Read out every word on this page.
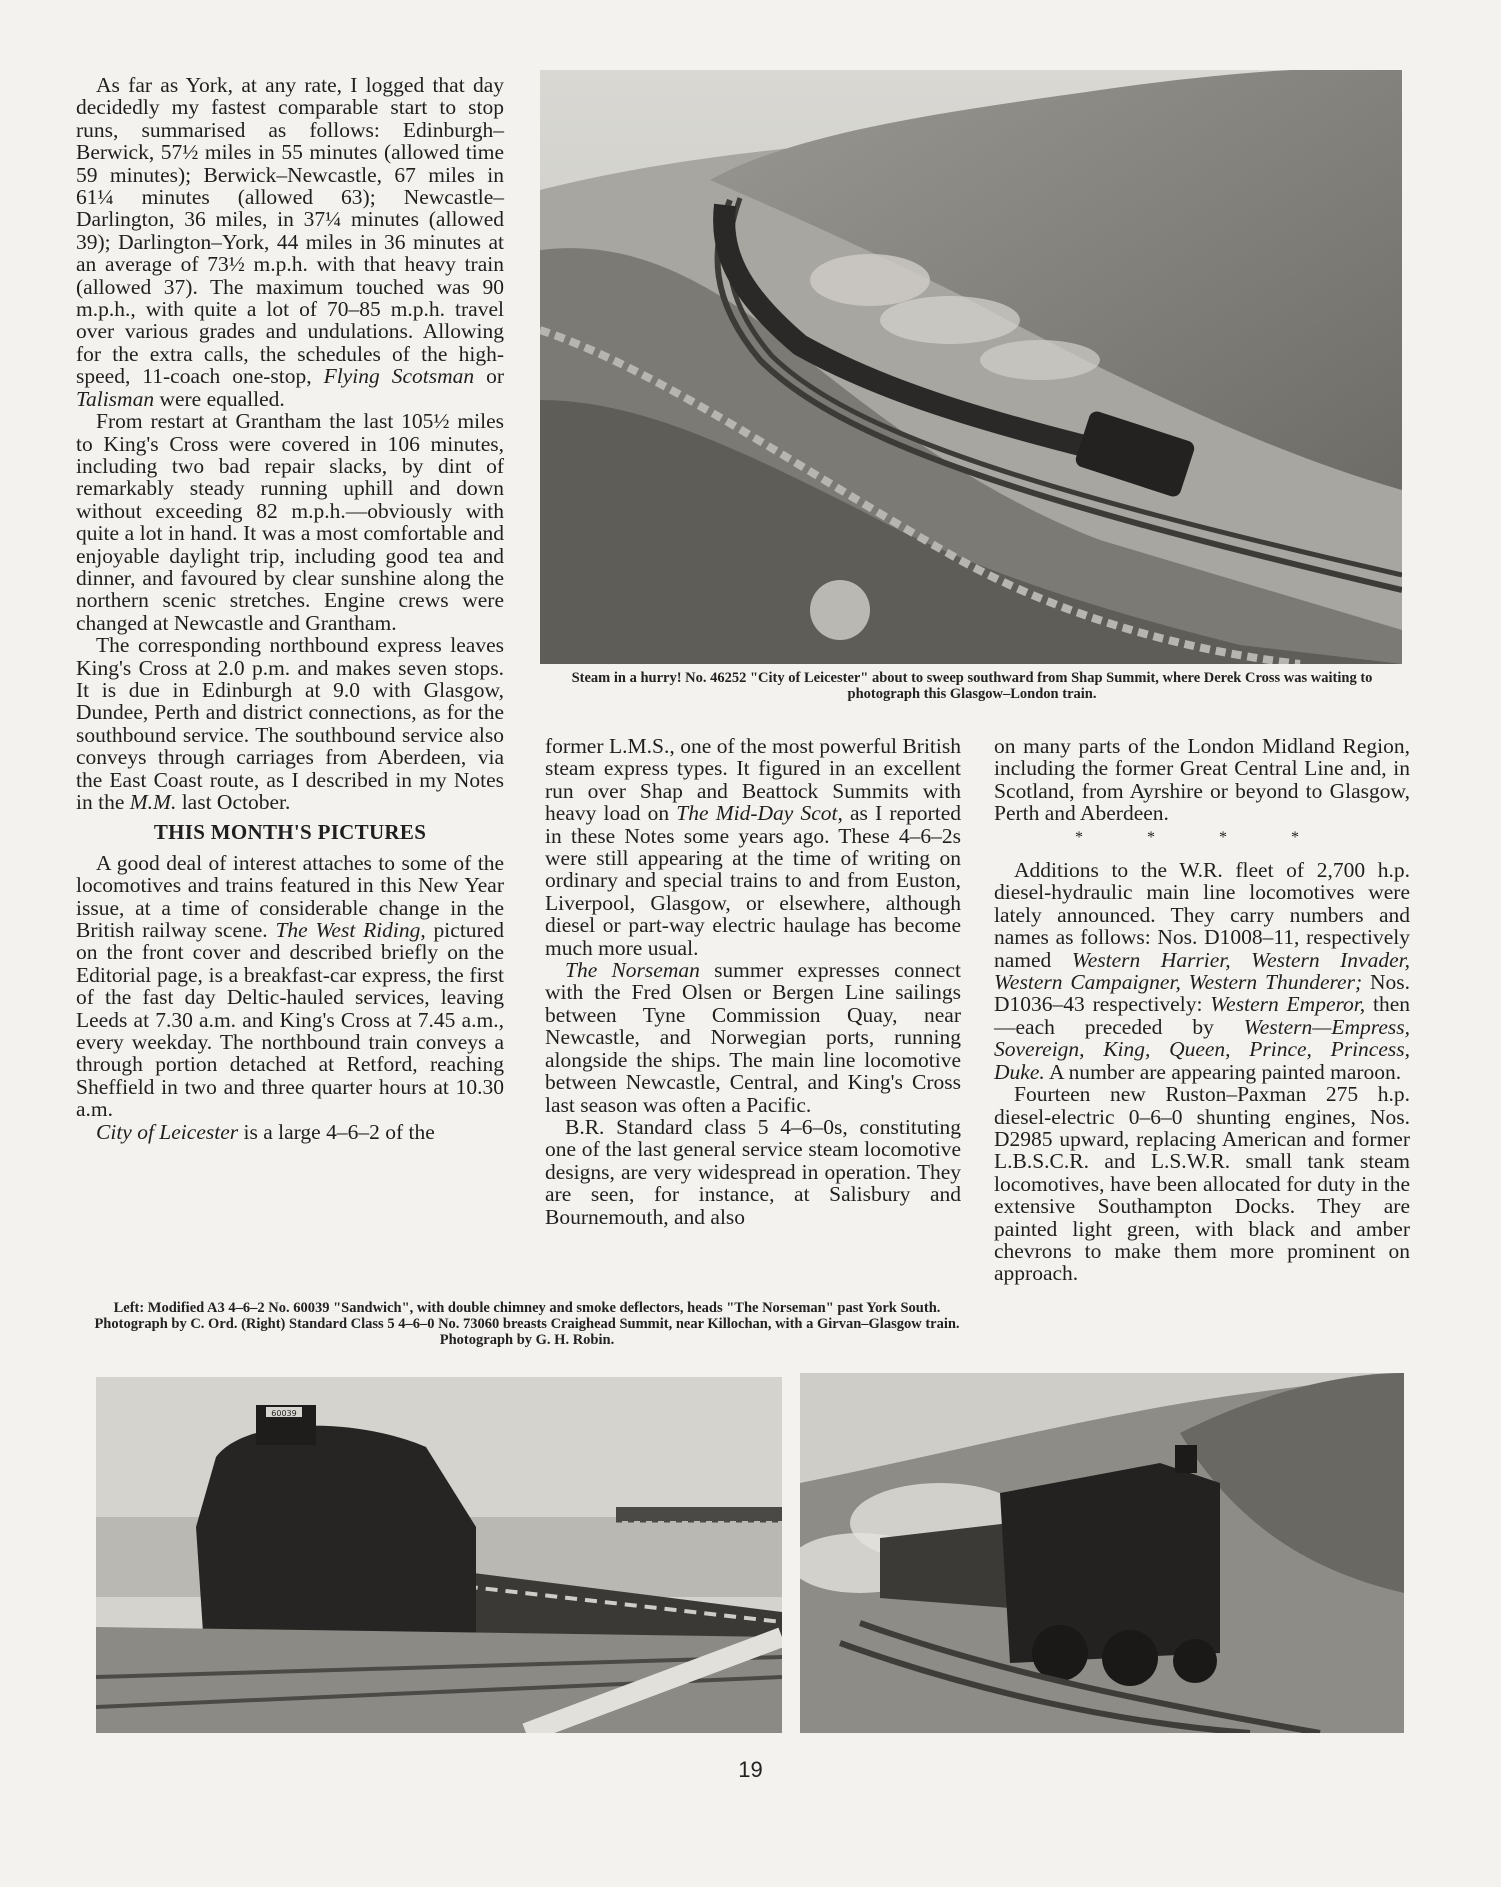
As far as York, at any rate, I logged that day decidedly my fastest comparable start to stop runs, summarised as follows: Edinburgh–Berwick, 57½ miles in 55 minutes (allowed time 59 minutes); Berwick–Newcastle, 67 miles in 61¼ minutes (allowed 63); Newcastle–Darlington, 36 miles, in 37¼ minutes (allowed 39); Darlington–York, 44 miles in 36 minutes at an average of 73½ m.p.h. with that heavy train (allowed 37). The maximum touched was 90 m.p.h., with quite a lot of 70–85 m.p.h. travel over various grades and undulations. Allowing for the extra calls, the schedules of the high-speed, 11-coach one-stop, Flying Scotsman or Talisman were equalled.

From restart at Grantham the last 105½ miles to King's Cross were covered in 106 minutes, including two bad repair slacks, by dint of remarkably steady running uphill and down without exceeding 82 m.p.h.—obviously with quite a lot in hand. It was a most comfortable and enjoyable daylight trip, including good tea and dinner, and favoured by clear sunshine along the northern scenic stretches. Engine crews were changed at Newcastle and Grantham.

The corresponding northbound express leaves King's Cross at 2.0 p.m. and makes seven stops. It is due in Edinburgh at 9.0 with Glasgow, Dundee, Perth and district connections, as for the southbound service. The southbound service also conveys through carriages from Aberdeen, via the East Coast route, as I described in my Notes in the M.M. last October.

THIS MONTH'S PICTURES

A good deal of interest attaches to some of the locomotives and trains featured in this New Year issue, at a time of considerable change in the British railway scene. The West Riding, pictured on the front cover and described briefly on the Editorial page, is a breakfast-car express, the first of the fast day Deltic-hauled services, leaving Leeds at 7.30 a.m. and King's Cross at 7.45 a.m., every weekday. The northbound train conveys a through portion detached at Retford, reaching Sheffield in two and three quarter hours at 10.30 a.m.

City of Leicester is a large 4–6–2 of the

Steam in a hurry! No. 46252 "City of Leicester" about to sweep southward from Shap Summit, where Derek Cross was waiting to photograph this Glasgow–London train.

former L.M.S., one of the most powerful British steam express types. It figured in an excellent run over Shap and Beattock Summits with heavy load on The Mid-Day Scot, as I reported in these Notes some years ago. These 4–6–2s were still appearing at the time of writing on ordinary and special trains to and from Euston, Liverpool, Glasgow, or elsewhere, although diesel or part-way electric haulage has become much more usual.

The Norseman summer expresses connect with the Fred Olsen or Bergen Line sailings between Tyne Commission Quay, near Newcastle, and Norwegian ports, running alongside the ships. The main line locomotive between Newcastle, Central, and King's Cross last season was often a Pacific.

B.R. Standard class 5 4–6–0s, constituting one of the last general service steam locomotive designs, are very widespread in operation. They are seen, for instance, at Salisbury and Bournemouth, and also

on many parts of the London Midland Region, including the former Great Central Line and, in Scotland, from Ayrshire or beyond to Glasgow, Perth and Aberdeen.

* * * *

Additions to the W.R. fleet of 2,700 h.p. diesel-hydraulic main line locomotives were lately announced. They carry numbers and names as follows: Nos. D1008–11, respectively named Western Harrier, Western Invader, Western Campaigner, Western Thunderer; Nos. D1036–43 respectively: Western Emperor, then—each preceded by Western—Empress, Sovereign, King, Queen, Prince, Princess, Duke. A number are appearing painted maroon.

Fourteen new Ruston–Paxman 275 h.p. diesel-electric 0–6–0 shunting engines, Nos. D2985 upward, replacing American and former L.B.S.C.R. and L.S.W.R. small tank steam locomotives, have been allocated for duty in the extensive Southampton Docks. They are painted light green, with black and amber chevrons to make them more prominent on approach.

Left: Modified A3 4–6–2 No. 60039 "Sandwich", with double chimney and smoke deflectors, heads "The Norseman" past York South. Photograph by C. Ord. (Right) Standard Class 5 4–6–0 No. 73060 breasts Craighead Summit, near Killochan, with a Girvan–Glasgow train. Photograph by G. H. Robin.
60039
19
